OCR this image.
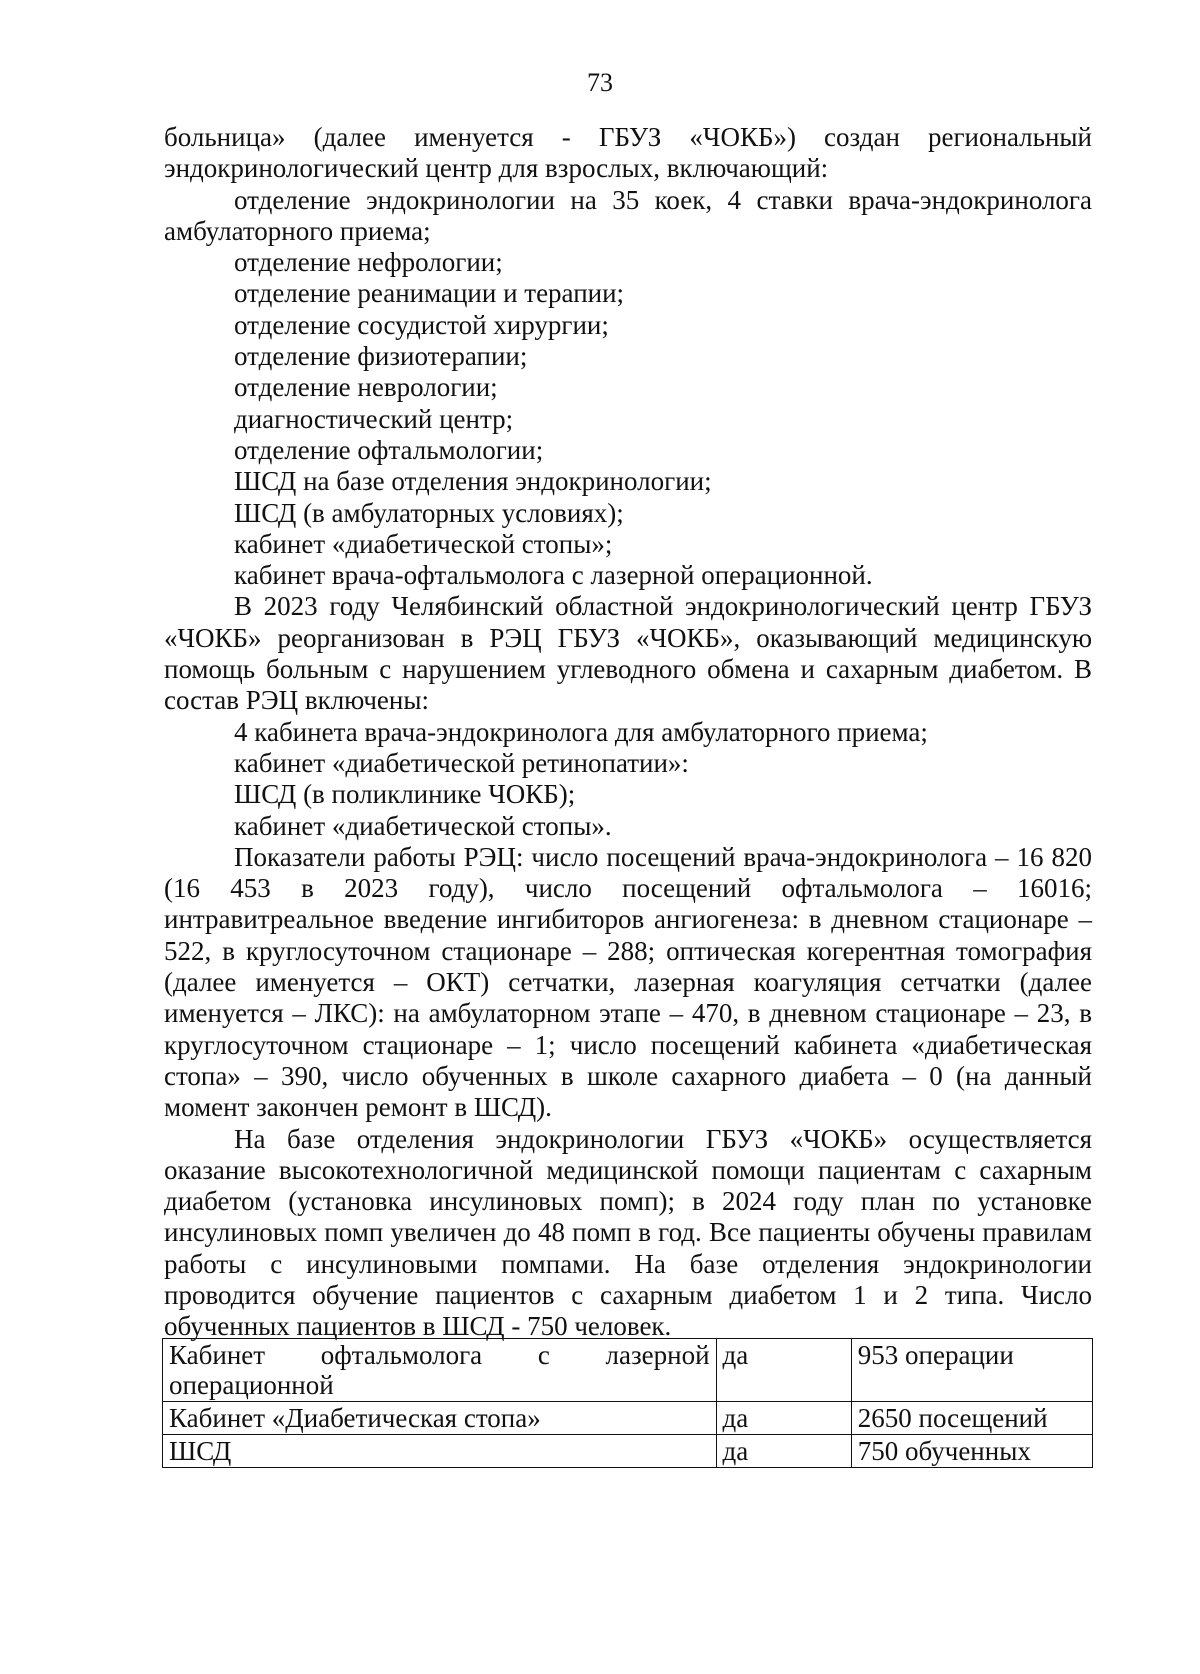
73

больница» (далее именуется - ГБУЗ «ЧОКБ») создан региональный эндокринологический центр для взрослых, включающий:

отделение эндокринологии на 35 коек, 4 ставки врача-эндокринолога амбулаторного приема;

отделение нефрологии;

отделение реанимации и терапии;

отделение сосудистой хирургии;

отделение физиотерапии;

отделение неврологии;

диагностический центр;

отделение офтальмологии;

ШСД на базе отделения эндокринологии;

ШСД (в амбулаторных условиях);

кабинет «диабетической стопы»;

кабинет врача-офтальмолога с лазерной операционной.

В 2023 году Челябинский областной эндокринологический центр ГБУЗ «ЧОКБ» реорганизован в РЭЦ ГБУЗ «ЧОКБ», оказывающий медицинскую помощь больным с нарушением углеводного обмена и сахарным диабетом. В состав РЭЦ включены:

4 кабинета врача-эндокринолога для амбулаторного приема;

кабинет «диабетической ретинопатии»:

ШСД (в поликлинике ЧОКБ);

кабинет «диабетической стопы».

Показатели работы РЭЦ: число посещений врача-эндокринолога – 16 820 (16 453 в 2023 году), число посещений офтальмолога – 16016; интравитреальное введение ингибиторов ангиогенеза: в дневном стационаре – 522, в круглосуточном стационаре – 288; оптическая когерентная томография (далее именуется – ОКТ) сетчатки, лазерная коагуляция сетчатки (далее именуется – ЛКС): на амбулаторном этапе – 470, в дневном стационаре – 23, в круглосуточном стационаре – 1; число посещений кабинета «диабетическая стопа» – 390, число обученных в школе сахарного диабета – 0 (на данный момент закончен ремонт в ШСД).

На базе отделения эндокринологии ГБУЗ «ЧОКБ» осуществляется оказание высокотехнологичной медицинской помощи пациентам с сахарным диабетом (установка инсулиновых помп); в 2024 году план по установке инсулиновых помп увеличен до 48 помп в год. Все пациенты обучены правилам работы с инсулиновыми помпами. На базе отделения эндокринологии проводится обучение пациентов с сахарным диабетом 1 и 2 типа. Число обученных пациентов в ШСД - 750 человек.

Кабинет офтальмолога с лазерной операционной	да	953 операции
Кабинет «Диабетическая стопа»	да	2650 посещений
ШСД	да	750 обученных
